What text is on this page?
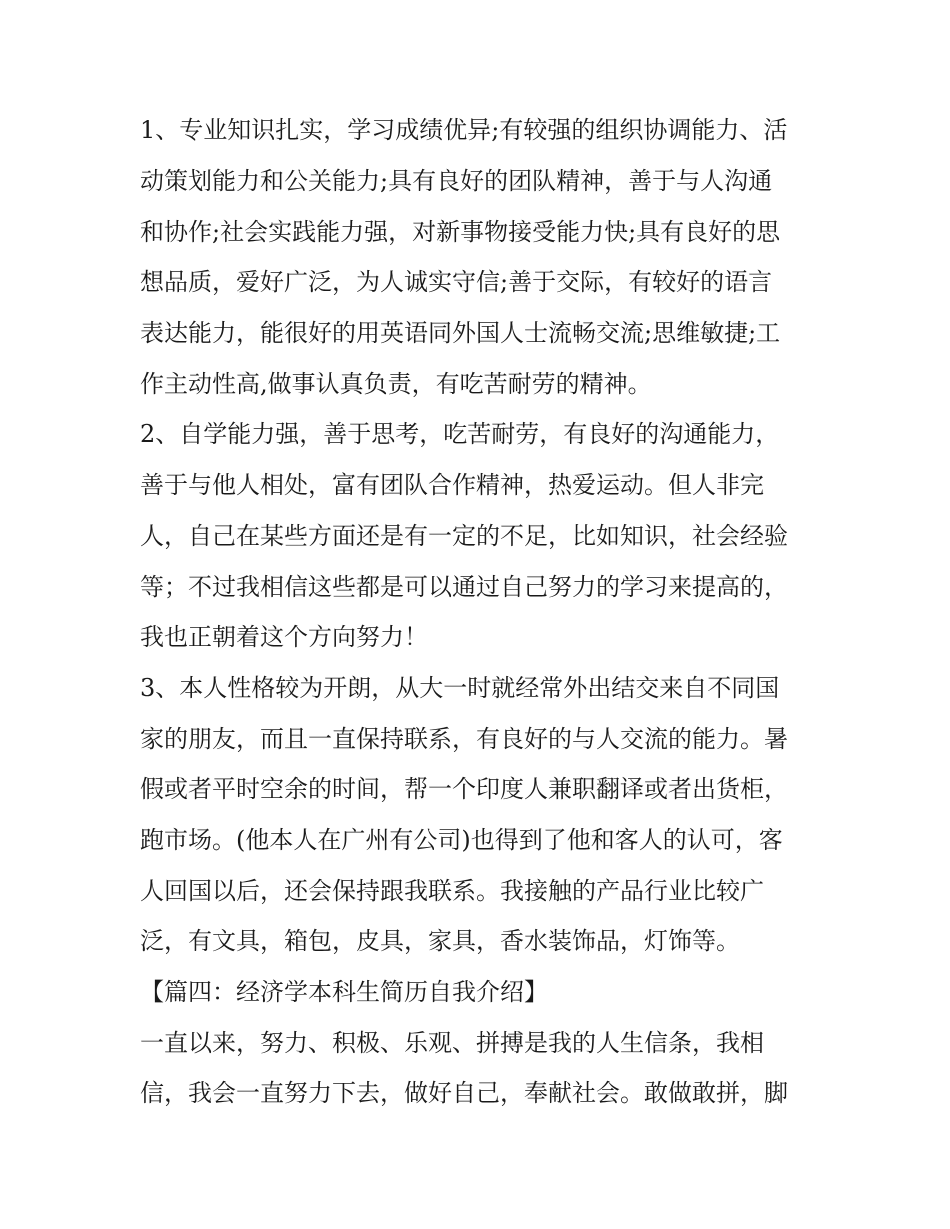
1、专业知识扎实，学习成绩优异;有较强的组织协调能力、活
动策划能力和公关能力;具有良好的团队精神，善于与人沟通
和协作;社会实践能力强，对新事物接受能力快;具有良好的思
想品质，爱好广泛，为人诚实守信;善于交际，有较好的语言
表达能力，能很好的用英语同外国人士流畅交流;思维敏捷;工
作主动性高,做事认真负责，有吃苦耐劳的精神。
2、自学能力强，善于思考，吃苦耐劳，有良好的沟通能力，
善于与他人相处，富有团队合作精神，热爱运动。但人非完
人，自己在某些方面还是有一定的不足，比如知识，社会经验
等；不过我相信这些都是可以通过自己努力的学习来提高的，
我也正朝着这个方向努力！
3、本人性格较为开朗，从大一时就经常外出结交来自不同国
家的朋友，而且一直保持联系，有良好的与人交流的能力。暑
假或者平时空余的时间，帮一个印度人兼职翻译或者出货柜，
跑市场。(他本人在广州有公司)也得到了他和客人的认可，客
人回国以后，还会保持跟我联系。我接触的产品行业比较广
泛，有文具，箱包，皮具，家具，香水装饰品，灯饰等。
【篇四：经济学本科生简历自我介绍】
一直以来，努力、积极、乐观、拼搏是我的人生信条，我相
信，我会一直努力下去，做好自己，奉献社会。敢做敢拼，脚
